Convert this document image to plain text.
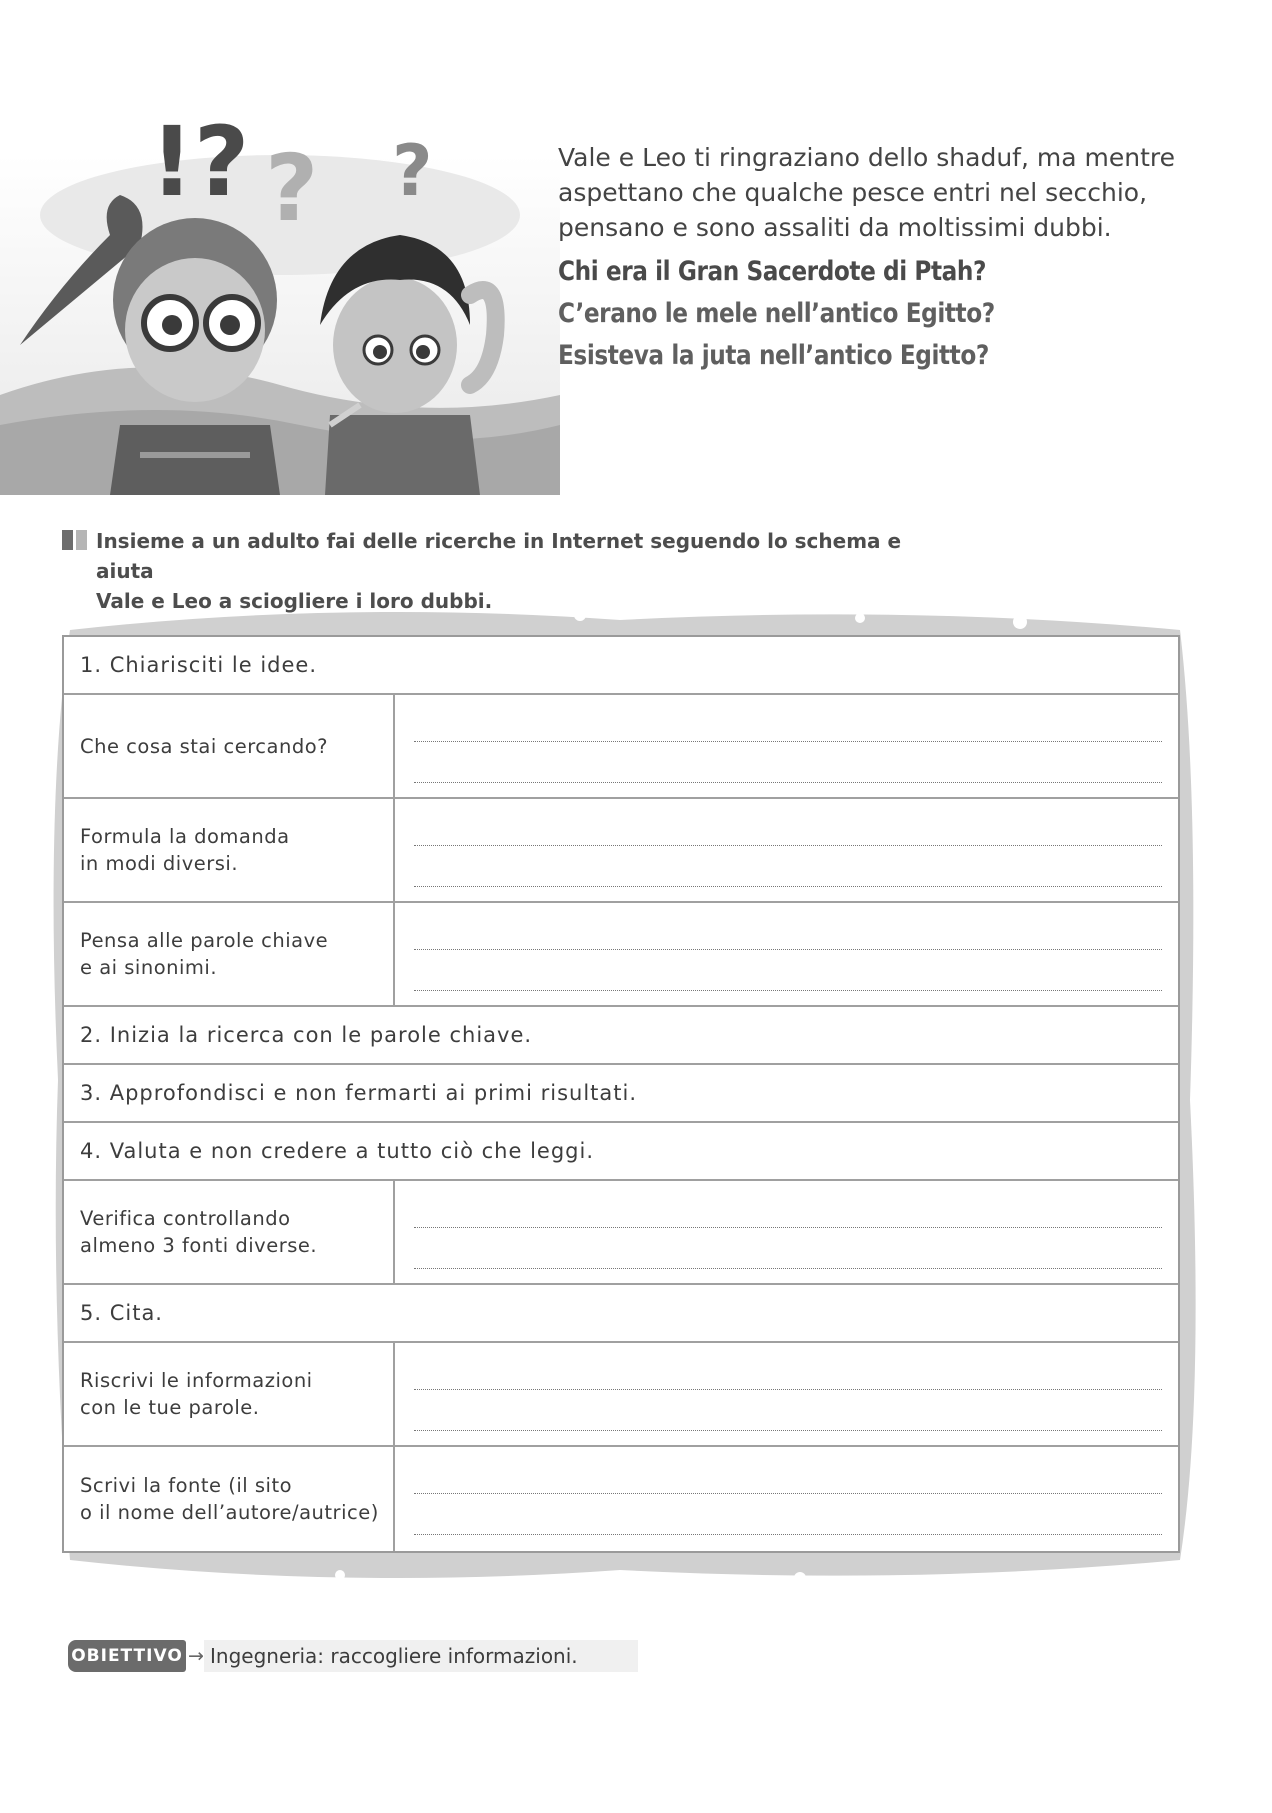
!? ? ?	Vale e Leo ti ringraziano dello shaduf, ma mentre

aspettano che qualche pesce entri nel secchio,

pensano e sono assaliti da moltissimi dubbi.

Chi era il Gran Sacerdote di Ptah?
C’erano le mele nell’antico Egitto?
Esisteva la juta nell’antico Egitto?

Insieme a un adulto fai delle ricerche in Internet seguendo lo schema e aiuta

Vale e Leo a sciogliere i loro dubbi.

1. Chiarisciti le idee.
Che cosa stai cercando?
Formula la domanda
in modi diversi.
Pensa alle parole chiave
e ai sinonimi.
2. Inizia la ricerca con le parole chiave.
3. Approfondisci e non fermarti ai primi risultati.
4. Valuta e non credere a tutto ciò che leggi.
Verifica controllando
almeno 3 fonti diverse.
5. Cita.
Riscrivi le informazioni
con le tue parole.
Scrivi la fonte (il sito
o il nome dell’autore/autrice)
OBIETTIVO → Ingegneria: raccogliere informazioni.
